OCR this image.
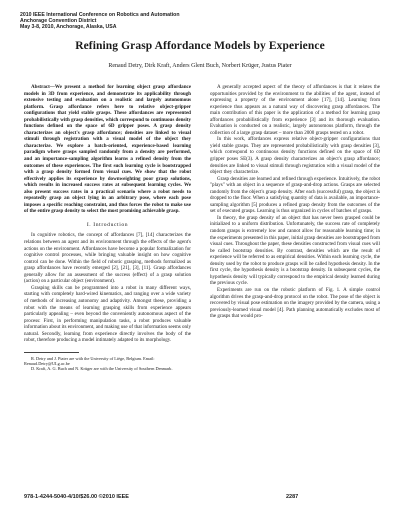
2010 IEEE International Conference on Robotics and Automation
Anchorage Convention District
May 3-8, 2010, Anchorage, Alaska, USA
Refining Grasp Affordance Models by Experience
Renaud Detry, Dirk Kraft, Anders Glent Buch, Norbert Krüger, Justus Piater

Abstract—We present a method for learning object grasp affordance models in 3D from experience, and demonstrate its applicability through extensive testing and evaluation on a realistic and largely autonomous platform. Grasp affordance refers here to relative object-gripper configurations that yield stable grasps. These affordances are represented probabilistically with grasp densities, which correspond to continuous density functions defined on the space of 6D gripper poses. A grasp density characterizes an object's grasp affordance; densities are linked to visual stimuli through registration with a visual model of the object they characterize. We explore a batch-oriented, experience-based learning paradigm where grasps sampled randomly from a density are performed, and an importance-sampling algorithm learns a refined density from the outcomes of these experiences. The first such learning cycle is bootstrapped with a grasp density formed from visual cues. We show that the robot effectively applies its experience by downweighting poor grasp solutions, which results in increased success rates at subsequent learning cycles. We also present success rates in a practical scenario where a robot needs to repeatedly grasp an object lying in an arbitrary pose, where each pose imposes a specific reaching constraint, and thus forces the robot to make use of the entire grasp density to select the most promising achievable grasp.

I. Introduction

In cognitive robotics, the concept of affordances [7], [14] characterizes the relations between an agent and its environment through the effects of the agent's actions on the environment. Affordances have become a popular formalization for cognitive control processes, while bringing valuable insight on how cognitive control can be done. Within the field of robotic grasping, methods formalized as grasp affordances have recently emerged [2], [21], [3], [11]. Grasp affordances generally allow for an assessment of the success (effect) of a grasp solution (action) on a particular object (environment).

Grasping skills can be programmed into a robot in many different ways, starting with completely hard-wired kinematics, and ranging over a wide variety of methods of increasing autonomy and adaptivity. Amongst these, providing a robot with the means of learning grasping skills from experience appears particularly appealing – even beyond the conveniently autonomous aspect of the process: First, in performing manipulation tasks, a robot produces valuable information about its environment, and making use of that information seems only natural. Secondly, learning from experience directly involves the body of the robot, therefore producing a model intimately adapted to its morphology.

R. Detry and J. Piater are with the University of Liège, Belgium. Email: Renaud.Detry@ULg.ac.be

D. Kraft, A. G. Buch and N. Krüger are with the University of Southern Denmark.

A generally accepted aspect of the theory of affordances is that it relates the opportunities provided by the environment to the abilities of the agent, instead of expressing a property of the environment alone [17], [14]. Learning from experience thus appears as a natural way of discovering grasp affordances. The main contribution of this paper is the application of a method for learning grasp affordances probabilistically from experience [3] and its thorough evaluation. Evaluation is conducted on a realistic, largely autonomous platform, through the collection of a large grasp dataset – more than 2000 grasps tested on a robot.

In this work, affordances express relative object-gripper configurations that yield stable grasps. They are represented probabilistically with grasp densities [3], which correspond to continuous density functions defined on the space of 6D gripper poses SE(3). A grasp density characterizes an object's grasp affordance; densities are linked to visual stimuli through registration with a visual model of the object they characterize.

Grasp densities are learned and refined through experience. Intuitively, the robot "plays" with an object in a sequence of grasp-and-drop actions. Grasps are selected randomly from the object's grasp density. After each (successful) grasp, the object is dropped to the floor. When a satisfying quantity of data is available, an importance-sampling algorithm [5] produces a refined grasp density from the outcomes of the set of executed grasps. Learning is thus organized in cycles of batches of grasps.

In theory, the grasp density of an object that has never been grasped could be initialized to a uniform distribution. Unfortunately, the success rate of completely random grasps is extremely low and cannot allow for reasonable learning time; in the experiments presented in this paper, initial grasp densities are bootstrapped from visual cues. Throughout the paper, these densities constructed from visual cues will be called bootstrap densities. By contrast, densities which are the result of experience will be referred to as empirical densities. Within each learning cycle, the density used by the robot to produce grasps will be called hypothesis density. In the first cycle, the hypothesis density is a bootstrap density. In subsequent cycles, the hypothesis density will typically correspond to the empirical density learned during the previous cycle.

Experiments are run on the robotic platform of Fig. 1. A simple control algorithm drives the grasp-and-drop protocol on the robot. The pose of the object is recovered by visual pose estimation on the imagery provided by the camera, using a previously-learned visual model [4]. Path planning automatically excludes most of the grasps that would pro-

978-1-4244-5040-4/10/$26.00 ©2010 IEEE	2287
